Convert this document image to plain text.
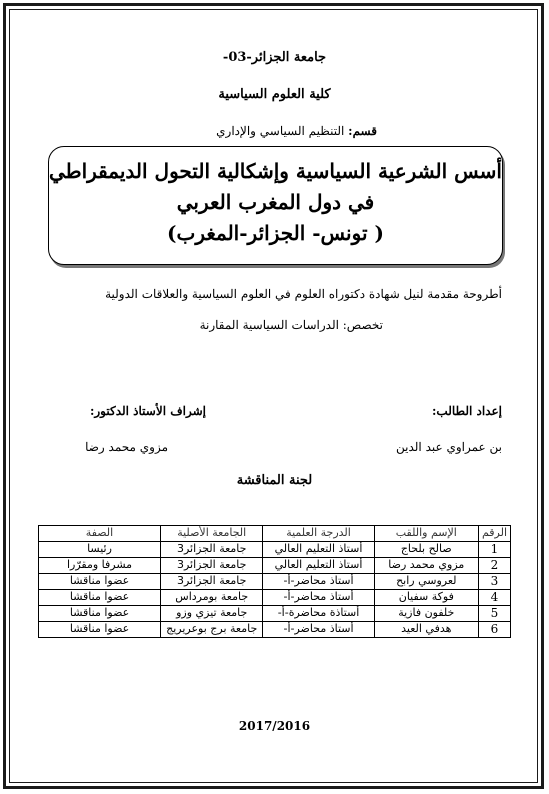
جامعة الجزائر-03-
كلية العلوم السياسية
قسم: التنظيم السياسي والإداري
أسس الشرعية السياسية وإشكالية التحول الديمقراطي
في دول المغرب العربي
( تونس- الجزائر-المغرب)
أطروحة مقدمة لنيل شهادة دكتوراه العلوم في العلوم السياسية والعلاقات الدولية
تخصص: الدراسات السياسية المقارنة
إعداد الطالب:
إشراف الأستاذ الدكتور:
بن عمراوي عبد الدين
مزوي محمد رضا
لجنة المناقشة
الرقم	الإسم واللقب	الدرجة العلمية	الجامعة الأصلية	الصفة
1	صالح بلحاج	أستاذ التعليم العالي	جامعة الجزائر3	رئيسا
2	مزوي محمد رضا	أستاذ التعليم العالي	جامعة الجزائر3	مشرفا ومقرّرا
3	لعروسي رابح	أستاذ محاضر-أ-	جامعة الجزائر3	عضوا مناقشا
4	فوكة سفيان	أستاذ محاضر-أ-	جامعة بومرداس	عضوا مناقشا
5	خلفون فازية	أستاذة محاضرة-أ-	جامعة تيزي وزو	عضوا مناقشا
6	هدفي العيد	أستاذ محاضر-أ-	جامعة برج بوعريريج	عضوا مناقشا
2017/2016
